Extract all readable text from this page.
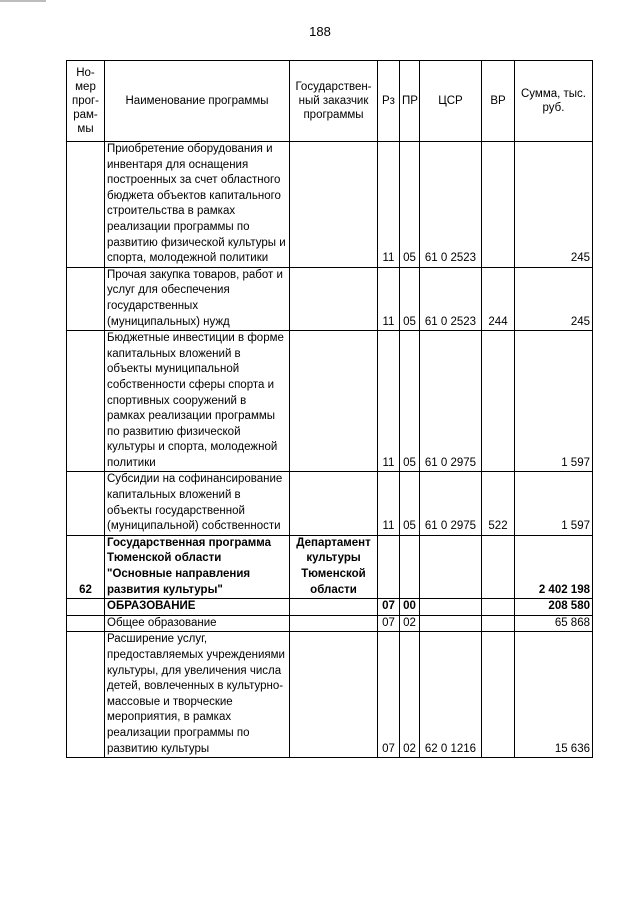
188
Но-мер прог-рам-мы	Наименование программы	Государствен-ный заказчик программы	Рз	ПР	ЦСР	ВР	Сумма, тыс. руб.
	Приобретение оборудования и инвентаря для оснащения построенных за счет областного бюджета объектов капитального строительства в рамках реализации программы по развитию физической культуры и спорта, молодежной политики		11	05	61 0 2523		245
	Прочая закупка товаров, работ и услуг для обеспечения государственных (муниципальных) нужд		11	05	61 0 2523	244	245
	Бюджетные инвестиции в форме капитальных вложений в объекты муниципальной собственности сферы спорта и спортивных сооружений в рамках реализации программы по развитию физической культуры и спорта, молодежной политики		11	05	61 0 2975		1 597
	Субсидии на софинансирование капитальных вложений в объекты государственной (муниципальной) собственности		11	05	61 0 2975	522	1 597
62	Государственная программа Тюменской области "Основные направления развития культуры"	Департамент культуры Тюменской области					2 402 198
	ОБРАЗОВАНИЕ		07	00			208 580
	Общее образование		07	02			65 868
	Расширение услуг, предоставляемых учреждениями культуры, для увеличения числа детей, вовлеченных в культурно-массовые и творческие мероприятия, в рамках реализации программы по развитию культуры		07	02	62 0 1216		15 636
